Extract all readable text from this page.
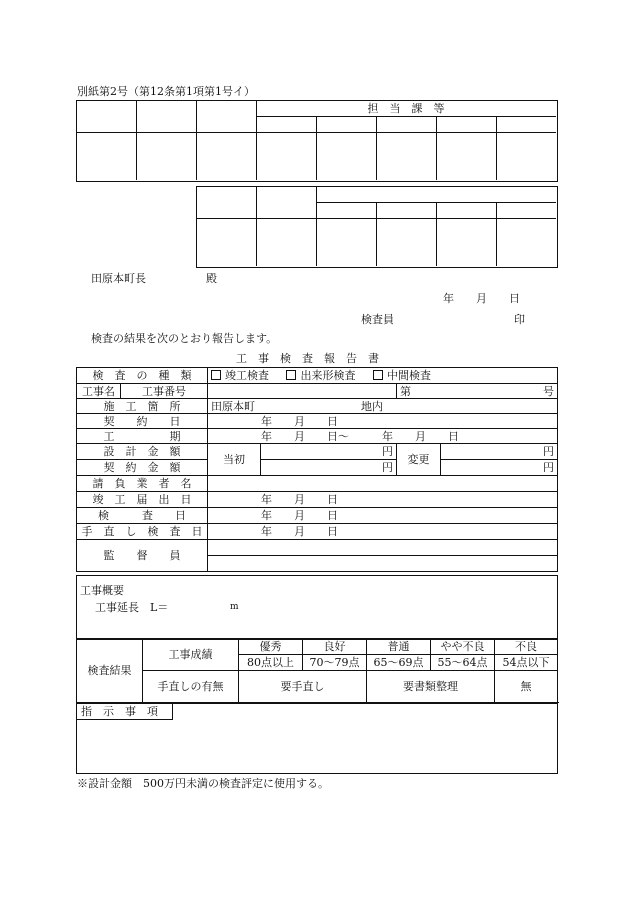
別紙第2号（第12条第1項第1号イ）
担　当　課　等
田原本町長	殿
年　　月　　日
検査員	印
検査の結果を次のとおり報告します。
工　事　検　査　報　告　書
検　査　の　種　類		竣工検査 出来形検査 中間検査			
工事名	工事番号			第 号	

施　工　箇　所		田原本町 地内			
契　　約　　日		年　　月　　日			
工　　　　　期		年　　月　　日～　　　年　　月　　日			
設　計　金　額		当初	円	変更	円
契　約　金　額			円		円
請　負　業　者　名					
竣　工　届　出　日		年　　月　　日			
検　　　査　　日		年　　月　　日			
手　直　し　検　査　日		年　　月　　日			
監　　督　　員					

工事概要
工事延長　L＝	m
検査結果	工事成績	優秀	良好	普通	やや不良	不良
		80点以上	70～79点	65～69点	55～64点	54点以下
	手直しの有無	要手直し		要書類整理		無
指　示　事　項
※設計金額　500万円未満の検査評定に使用する。
